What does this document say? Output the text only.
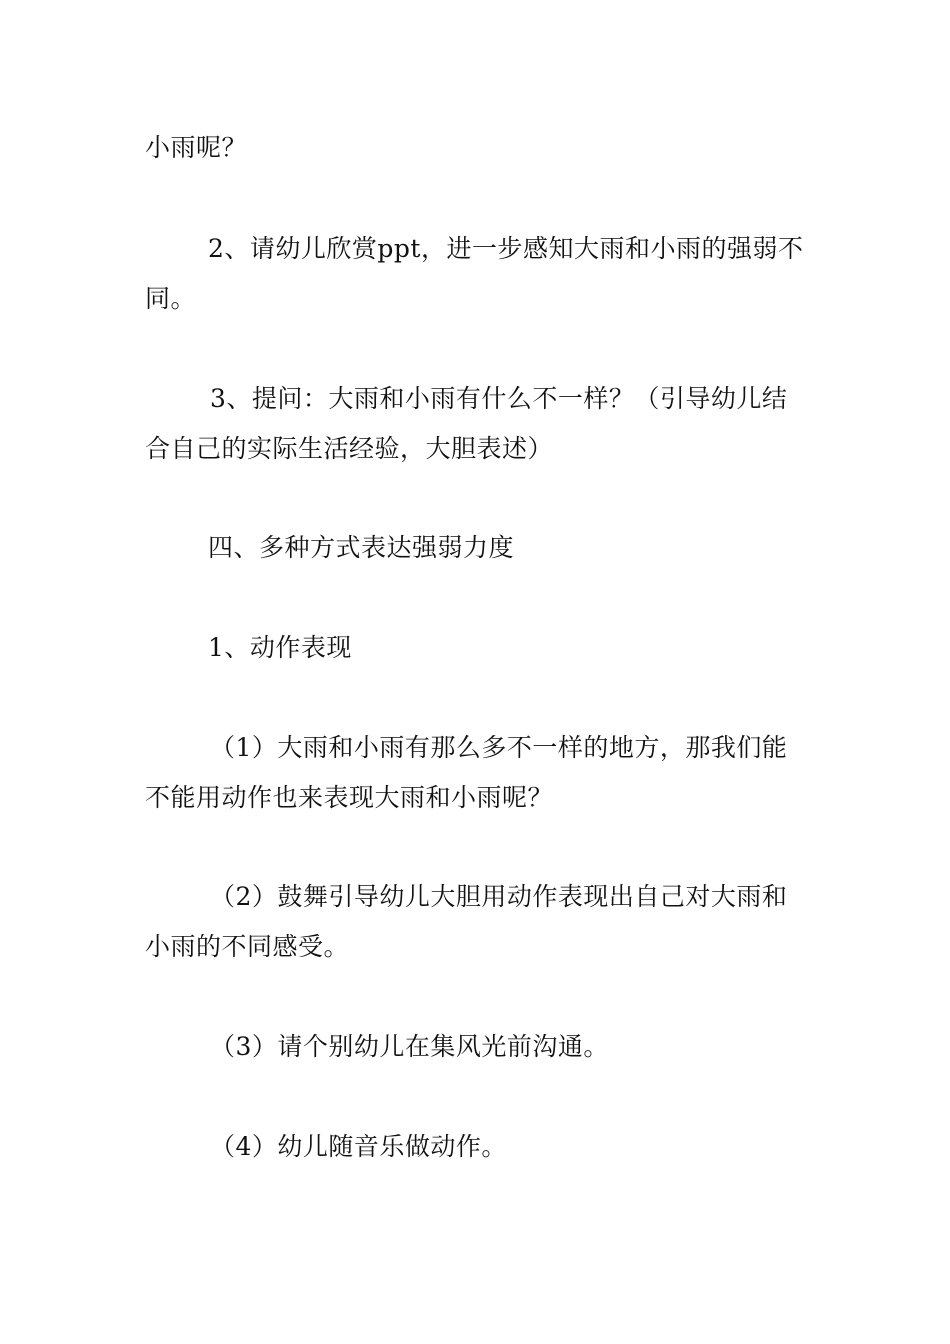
小雨呢？
2、请幼儿欣赏ppt，进一步感知大雨和小雨的强弱不
同。
3、提问：大雨和小雨有什么不一样？（引导幼儿结
合自己的实际生活经验，大胆表述）
四、多种方式表达强弱力度
1、动作表现
（1）大雨和小雨有那么多不一样的地方，那我们能
不能用动作也来表现大雨和小雨呢？
（2）鼓舞引导幼儿大胆用动作表现出自己对大雨和
小雨的不同感受。
（3）请个别幼儿在集风光前沟通。
（4）幼儿随音乐做动作。
